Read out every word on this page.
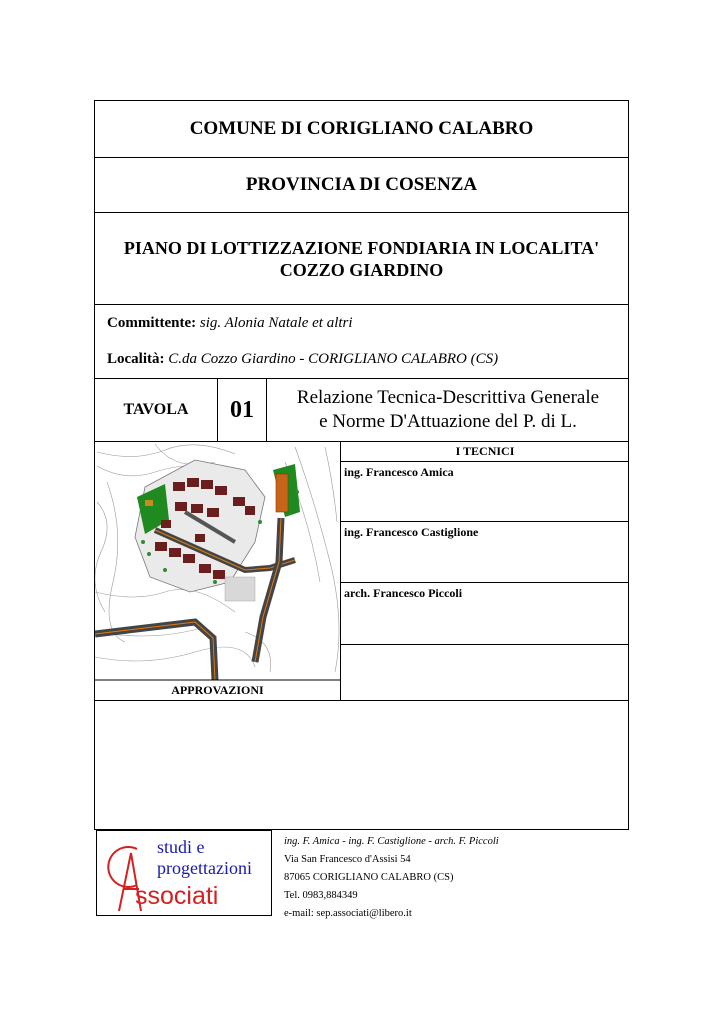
COMUNE DI CORIGLIANO CALABRO
PROVINCIA DI COSENZA
PIANO DI LOTTIZZAZIONE FONDIARIA IN LOCALITA'
COZZO GIARDINO
Committente: sig. Alonia Natale et altri
Località: C.da Cozzo Giardino - CORIGLIANO CALABRO (CS)
TAVOLA 01 Relazione Tecnica-Descrittiva Generale
e Norme D'Attuazione del P. di L.
I TECNICI
ing. Francesco Amica
ing. Francesco Castiglione
arch. Francesco Piccoli
APPROVAZIONI
studi e
progettazioni
ssociati
ing. F. Amica - ing. F. Castiglione - arch. F. Piccoli
Via San Francesco d'Assisi 54
87065 CORIGLIANO CALABRO (CS)
Tel. 0983,884349
e-mail: sep.associati@libero.it
